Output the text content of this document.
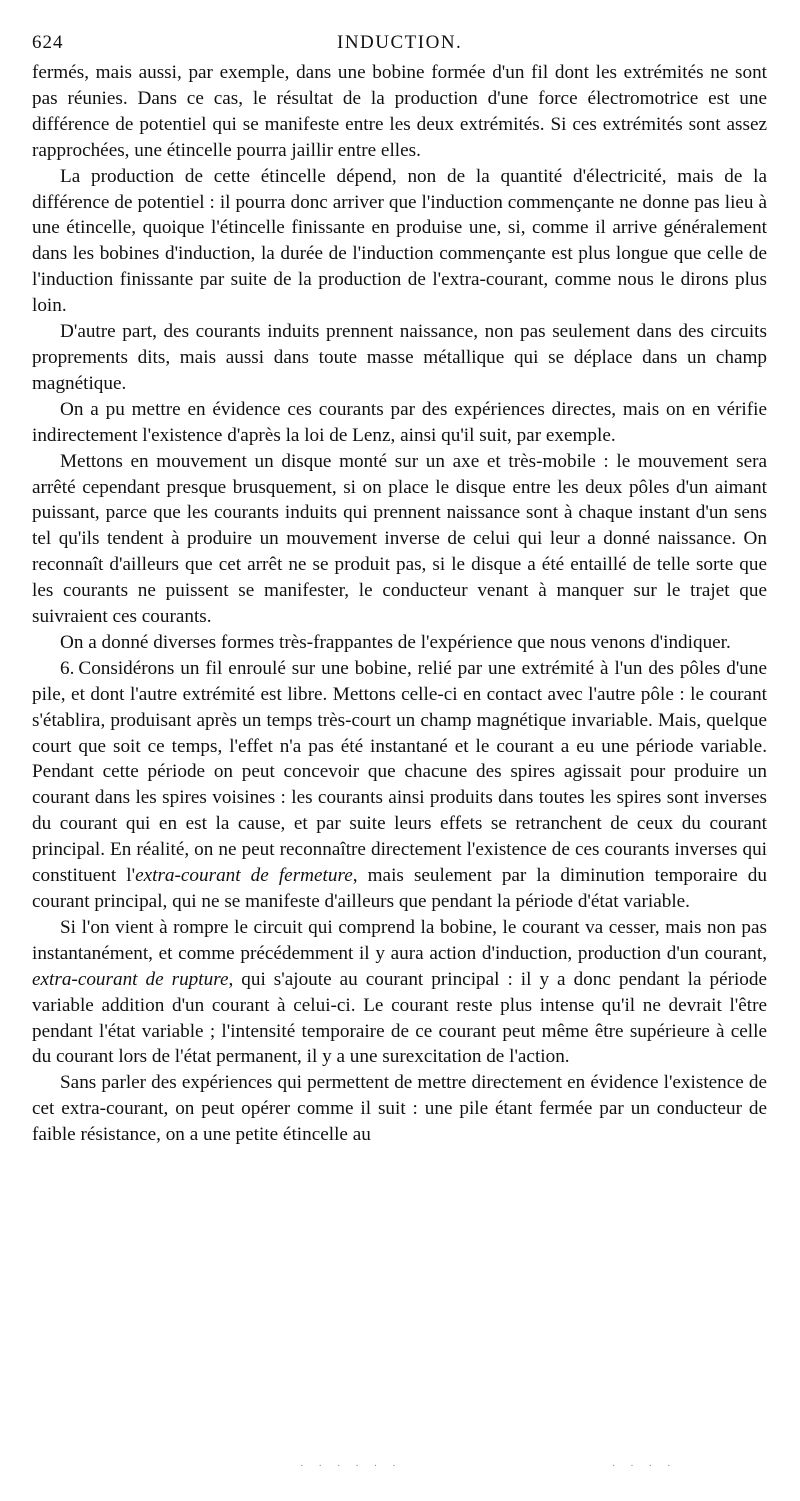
624	INDUCTION.

fermés, mais aussi, par exemple, dans une bobine formée d'un fil dont les extrémités ne sont pas réunies. Dans ce cas, le résultat de la production d'une force électromotrice est une différence de potentiel qui se manifeste entre les deux extrémités. Si ces extrémités sont assez rapprochées, une étincelle pourra jaillir entre elles.

La production de cette étincelle dépend, non de la quantité d'électricité, mais de la différence de potentiel : il pourra donc arriver que l'induction commençante ne donne pas lieu à une étincelle, quoique l'étincelle finissante en produise une, si, comme il arrive généralement dans les bobines d'induction, la durée de l'induction commençante est plus longue que celle de l'induction finissante par suite de la production de l'extra-courant, comme nous le dirons plus loin.

D'autre part, des courants induits prennent naissance, non pas seulement dans des circuits proprements dits, mais aussi dans toute masse métallique qui se déplace dans un champ magnétique.

On a pu mettre en évidence ces courants par des expériences directes, mais on en vérifie indirectement l'existence d'après la loi de Lenz, ainsi qu'il suit, par exemple.

Mettons en mouvement un disque monté sur un axe et très-mobile : le mouvement sera arrêté cependant presque brusquement, si on place le disque entre les deux pôles d'un aimant puissant, parce que les courants induits qui prennent naissance sont à chaque instant d'un sens tel qu'ils tendent à produire un mouvement inverse de celui qui leur a donné naissance. On reconnaît d'ailleurs que cet arrêt ne se produit pas, si le disque a été entaillé de telle sorte que les courants ne puissent se manifester, le conducteur venant à manquer sur le trajet que suivraient ces courants.

On a donné diverses formes très-frappantes de l'expérience que nous venons d'indiquer.

6. Considérons un fil enroulé sur une bobine, relié par une extrémité à l'un des pôles d'une pile, et dont l'autre extrémité est libre. Mettons celle-ci en contact avec l'autre pôle : le courant s'établira, produisant après un temps très-court un champ magnétique invariable. Mais, quelque court que soit ce temps, l'effet n'a pas été instantané et le courant a eu une période variable. Pendant cette période on peut concevoir que chacune des spires agissait pour produire un courant dans les spires voisines : les courants ainsi produits dans toutes les spires sont inverses du courant qui en est la cause, et par suite leurs effets se retranchent de ceux du courant principal. En réalité, on ne peut reconnaître directement l'existence de ces courants inverses qui constituent l'extra-courant de fermeture, mais seulement par la diminution temporaire du courant principal, qui ne se manifeste d'ailleurs que pendant la période d'état variable.

Si l'on vient à rompre le circuit qui comprend la bobine, le courant va cesser, mais non pas instantanément, et comme précédemment il y aura action d'induction, production d'un courant, extra-courant de rupture, qui s'ajoute au courant principal : il y a donc pendant la période variable addition d'un courant à celui-ci. Le courant reste plus intense qu'il ne devrait l'être pendant l'état variable ; l'intensité temporaire de ce courant peut même être supérieure à celle du courant lors de l'état permanent, il y a une surexcitation de l'action.

Sans parler des expériences qui permettent de mettre directement en évidence l'existence de cet extra-courant, on peut opérer comme il suit : une pile étant fermée par un conducteur de faible résistance, on a une petite étincelle au

· · · · · ·                        · · · ·
